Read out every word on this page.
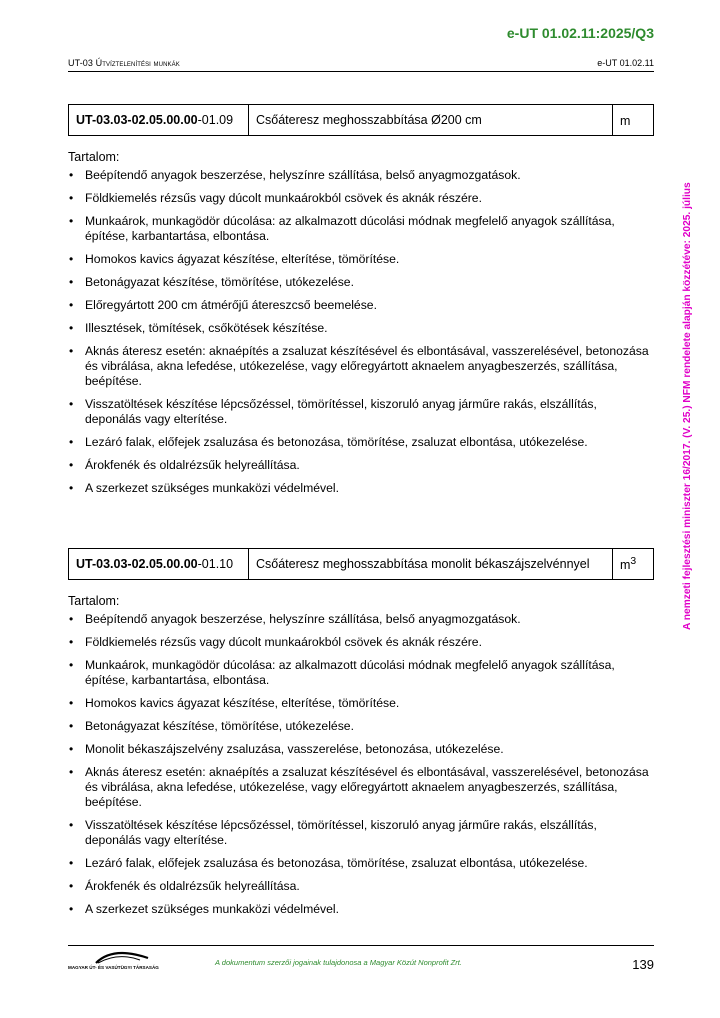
e-UT 01.02.11:2025/Q3
UT-03 Útvíztelenítési munkák	e-UT 01.02.11
A nemzeti fejlesztési miniszter 16/2017. (V. 25.) NFM rendelete alapján közzétéve: 2025. július
UT-03.03-02.05.00.00-01.09	Csőáteresz meghosszabbítása Ø200 cm	m
Tartalom:
• Beépítendő anyagok beszerzése, helyszínre szállítása, belső anyagmozgatások.
• Földkiemelés rézsűs vagy dúcolt munkaárokból csövek és aknák részére.
• Munkaárok, munkagödör dúcolása: az alkalmazott dúcolási módnak megfelelő anyagok szállítása, építése, karbantartása, elbontása.
• Homokos kavics ágyazat készítése, elterítése, tömörítése.
• Betonágyazat készítése, tömörítése, utókezelése.
• Előregyártott 200 cm átmérőjű átereszcső beemelése.
• Illesztések, tömítések, csőkötések készítése.
• Aknás áteresz esetén: aknaépítés a zsaluzat készítésével és elbontásával, vasszerelésével, betonozása és vibrálása, akna lefedése, utókezelése, vagy előregyártott aknaelem anyagbeszerzés, szállítása, beépítése.
• Visszatöltések készítése lépcsőzéssel, tömörítéssel, kiszoruló anyag járműre rakás, elszállítás, deponálás vagy elterítése.
• Lezáró falak, előfejek zsaluzása és betonozása, tömörítése, zsaluzat elbontása, utókezelése.
• Árokfenék és oldalrézsűk helyreállítása.
• A szerkezet szükséges munkaközi védelmével.
UT-03.03-02.05.00.00-01.10	Csőáteresz meghosszabbítása monolit békaszájszelvénnyel	$m^3$
Tartalom:
• Beépítendő anyagok beszerzése, helyszínre szállítása, belső anyagmozgatások.
• Földkiemelés rézsűs vagy dúcolt munkaárokból csövek és aknák részére.
• Munkaárok, munkagödör dúcolása: az alkalmazott dúcolási módnak megfelelő anyagok szállítása, építése, karbantartása, elbontása.
• Homokos kavics ágyazat készítése, elterítése, tömörítése.
• Betonágyazat készítése, tömörítése, utókezelése.
• Monolit békaszájszelvény zsaluzása, vasszerelése, betonozása, utókezelése.
• Aknás áteresz esetén: aknaépítés a zsaluzat készítésével és elbontásával, vasszerelésével, betonozása és vibrálása, akna lefedése, utókezelése, vagy előregyártott aknaelem anyagbeszerzés, szállítása, beépítése.
• Visszatöltések készítése lépcsőzéssel, tömörítéssel, kiszoruló anyag járműre rakás, elszállítás, deponálás vagy elterítése.
• Lezáró falak, előfejek zsaluzása és betonozása, tömörítése, zsaluzat elbontása, utókezelése.
• Árokfenék és oldalrézsűk helyreállítása.
• A szerkezet szükséges munkaközi védelmével.
MAGYAR ÚT- ÉS VASÚTÜGYI TÁRSASÁG
A dokumentum szerzői jogainak tulajdonosa a Magyar Közút Nonprofit Zrt.	139
